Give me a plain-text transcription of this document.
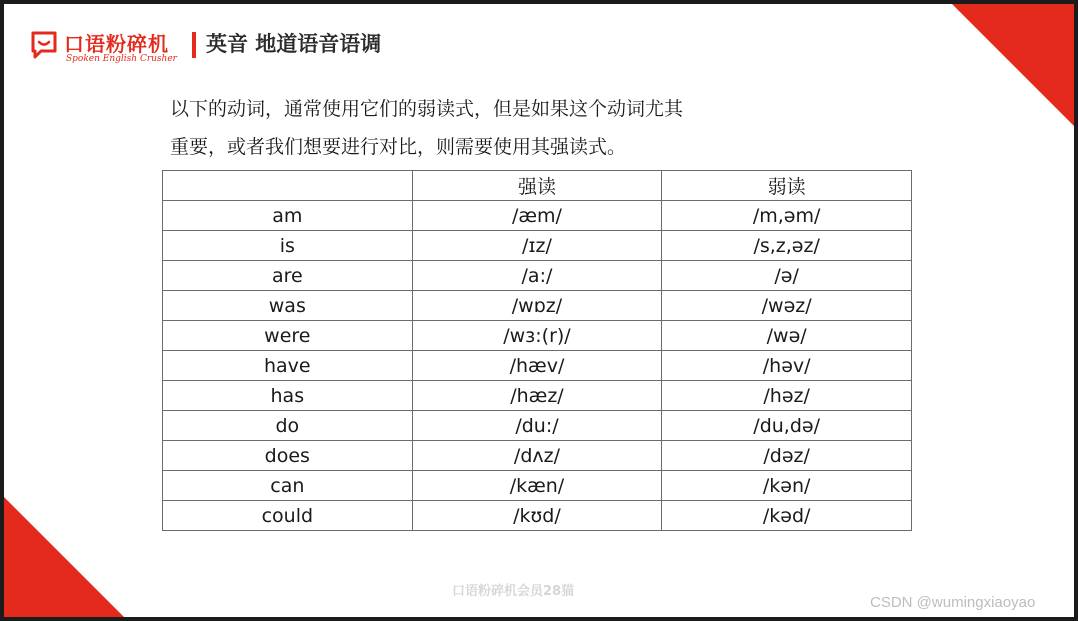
口语粉碎机
Spoken English Crusher
英音 地道语音语调
以下的动词，通常使用它们的弱读式，但是如果这个动词尤其
重要，或者我们想要进行对比，则需要使用其强读式。
	强读	弱读
am	/æm/	/m,əm/
is	/ɪz/	/s,z,əz/
are	/a:/	/ə/
was	/wɒz/	/wəz/
were	/wɜ:(r)/	/wə/
have	/hæv/	/həv/
has	/hæz/	/həz/
do	/du:/	/du,də/
does	/dʌz/	/dəz/
can	/kæn/	/kən/
could	/kʊd/	/kəd/
口语粉碎机会员28猫
CSDN @wumingxiaoyao
